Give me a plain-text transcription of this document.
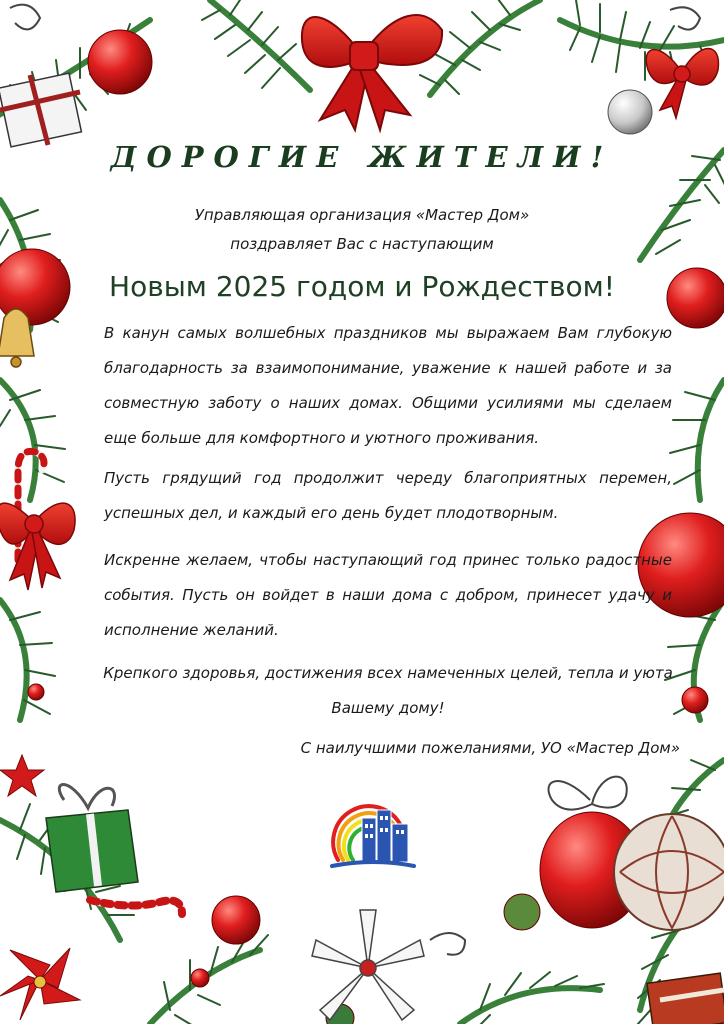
ДОРОГИЕ ЖИТЕЛИ!
Управляющая организация «Мастер Дом»
поздравляет Вас с наступающим
Новым 2025 годом и Рождеством!

В канун самых волшебных праздников мы выражаем Вам глубокую благодарность за взаимопонимание, уважение к нашей работе и за совместную заботу о наших домах. Общими усилиями мы сделаем еще больше для комфортного и уютного проживания.

Пусть грядущий год продолжит череду благоприятных перемен, успешных дел, и каждый его день будет плодотворным.

Искренне желаем, чтобы наступающий год принес только радостные события. Пусть он войдет в наши дома с добром, принесет удачу и исполнение желаний.

Крепкого здоровья, достижения всех намеченных целей, тепла и уюта Вашему дому!

С наилучшими пожеланиями, УО «Мастер Дом»
